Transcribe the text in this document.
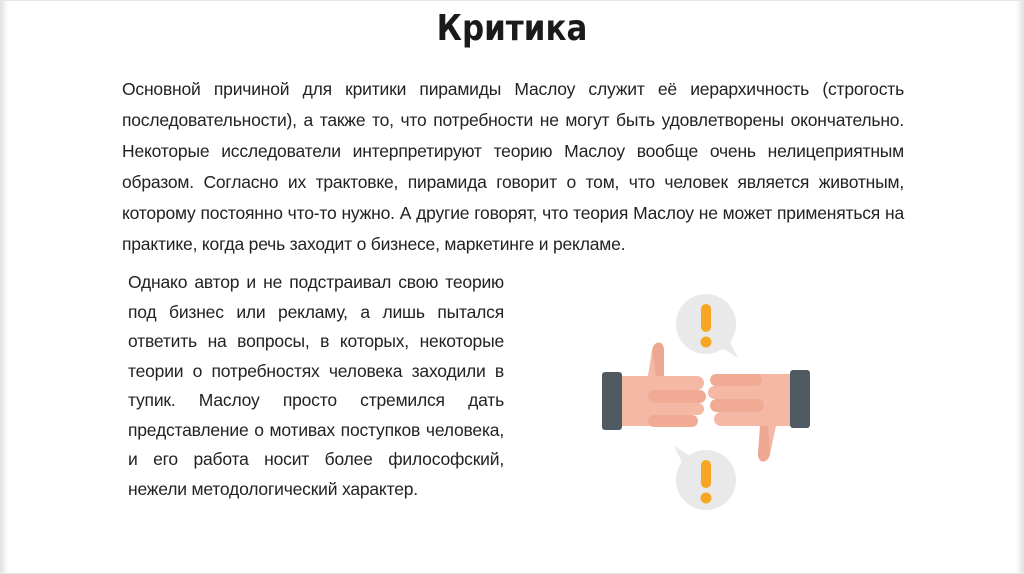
Критика
Основной причиной для критики пирамиды Маслоу служит её иерархичность (строгость последовательности), а также то, что потребности не могут быть удовлетворены окончательно. Некоторые исследователи интерпретируют теорию Маслоу вообще очень нелицеприятным образом. Согласно их трактовке, пирамида говорит о том, что человек является животным, которому постоянно что-то нужно. А другие говорят, что теория Маслоу не может применяться на практике, когда речь заходит о бизнесе, маркетинге и рекламе.
Однако автор и не подстраивал свою теорию под бизнес или рекламу, а лишь пытался ответить на вопросы, в которых, некоторые теории о потребностях человека заходили в тупик. Маслоу просто стремился дать представление о мотивах поступков человека, и его работа носит более философский, нежели методологический характер.
